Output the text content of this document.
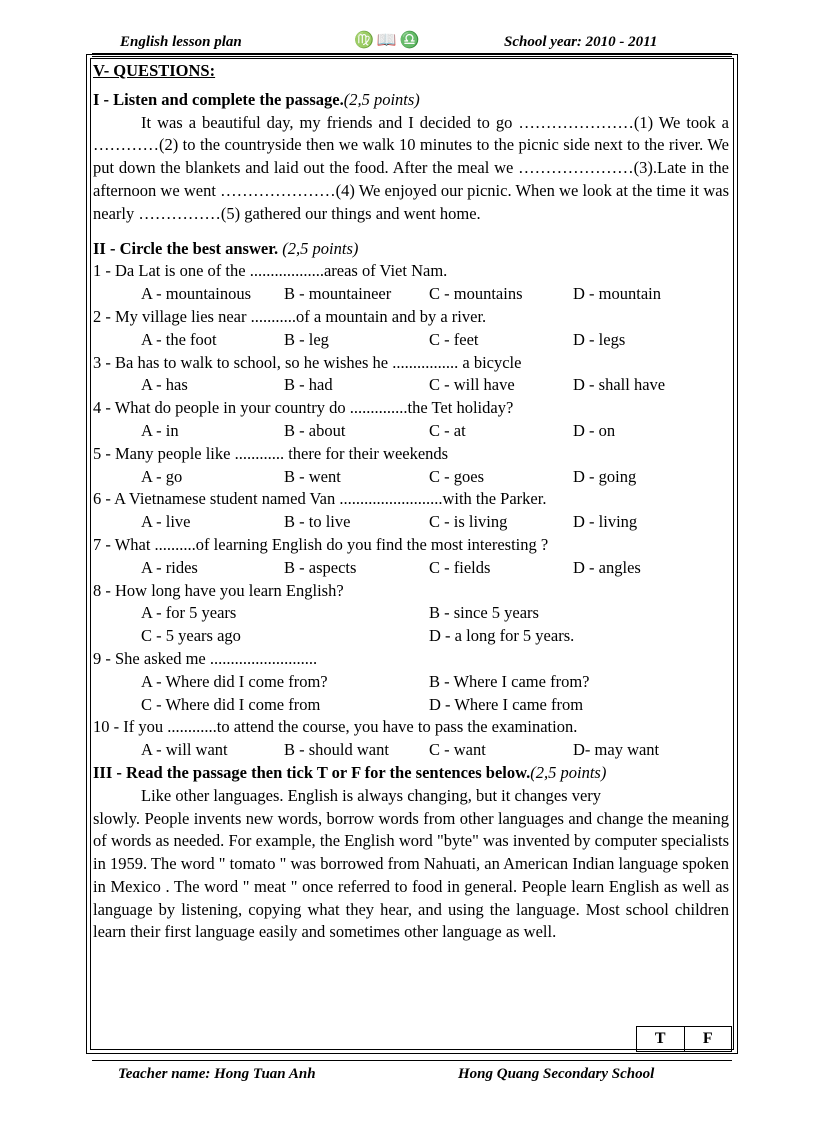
English lesson plan	♍📖♎	School year: 2010 - 2011

V- QUESTIONS:

I - Listen and complete the passage.(2,5 points)

It was a beautiful day, my friends and I decided to go …………………(1) We took a …………(2) to the countryside then we walk 10 minutes to the picnic side next to the river. We put down the blankets and laid out the food. After the meal we …………………(3).Late in the afternoon we went …………………(4) We enjoyed our picnic. When we look at the time it was nearly ……………(5) gathered our things and went home.

II - Circle the best answer. (2,5 points)

1 - Da Lat is one of the ..................areas of Viet Nam.

A - mountainous B - mountaineer C - mountains	D - mountain

2 - My village lies near ...........of a mountain and by a river.

A - the foot	B - leg	C - feet	D - legs

3 - Ba has to walk to school, so he wishes he ................ a bicycle

A - has	B - had	C - will have	D - shall have

4 - What do people in your country do ..............the Tet holiday?

A - in	B - about	C - at	D - on

5 - Many people like ............ there for their weekends

A - go	B - went	C - goes	D - going

6 - A Vietnamese student named Van .........................with the Parker.

A - live	B - to live	C - is living	D - living

7 - What ..........of learning English do you find the most interesting ?

A - rides	B - aspects	C - fields	D - angles

8 - How long have you learn English?

A - for 5 years	B - since 5 years
C - 5 years ago	D - a long for 5 years.

9 - She asked me ..........................

A - Where did I come from?	B - Where I came from?
C - Where did I come from	D - Where I came from

10 - If you ............to attend the course, you have to pass the examination.

A - will want	B - should want C - want	D- may want

III - Read the passage then tick T or F for the sentences below.(2,5 points)

Like other languages. English is always changing, but it changes very

slowly. People invents new words, borrow words from other languages and change the meaning of words as needed. For example, the English word "byte" was invented by computer specialists in 1959. The word " tomato " was borrowed from Nahuati, an American Indian language spoken in Mexico . The word " meat " once referred to food in general. People learn English as well as language by listening, copying what they hear, and using the language. Most school children learn their first language easily and sometimes other language as well.

T	F
Teacher name: Hong Tuan Anh	Hong Quang Secondary School
